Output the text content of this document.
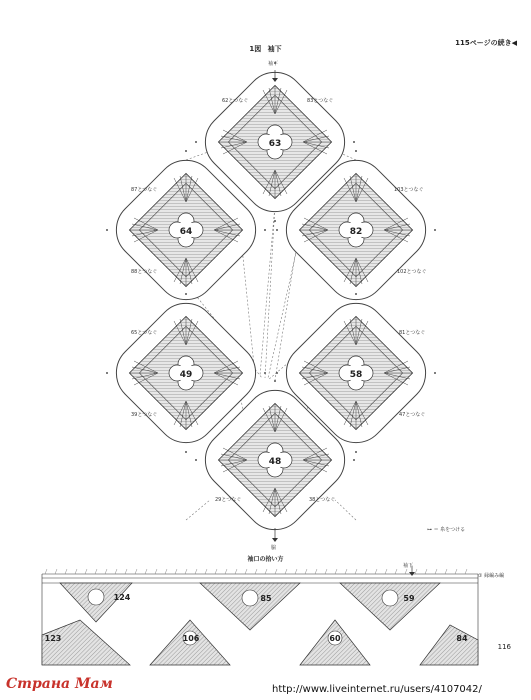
115ページの続き◀
1図 袖下
63
64	82
49	58
48
袖下
脇
62とつなぐ	83とつなぐ
87とつなぐ	103とつなぐ
88とつなぐ	102とつなぐ
65とつなぐ	81とつなぐ
39とつなぐ	47とつなぐ
29とつなぐ	38とつなぐ
⊶ ＝ 糸をつける
袖口の拾い方
袖下
① 縁編み編
124	85	59
123	106	60	84
116
Страна Мам	http://www.liveinternet.ru/users/4107042/
